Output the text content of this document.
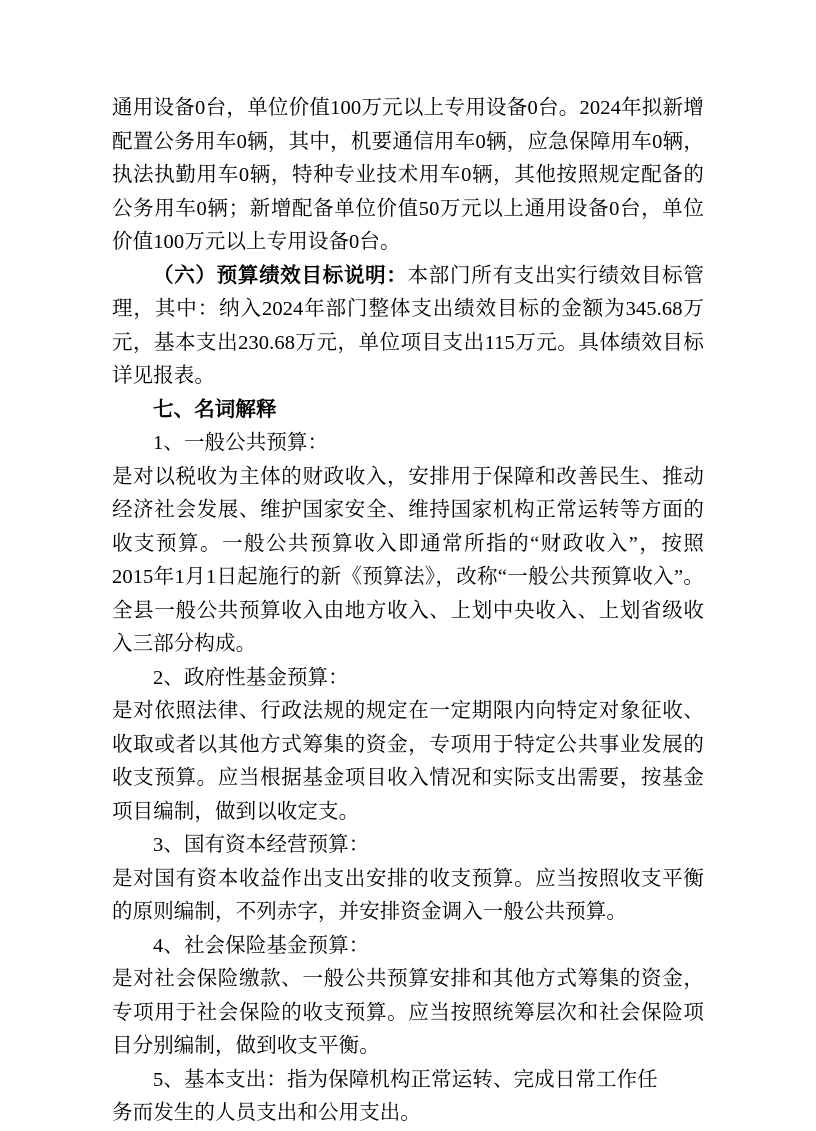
通用设备0台，单位价值100万元以上专用设备0台。2024年拟新增配置公务用车0辆，其中，机要通信用车0辆，应急保障用车0辆，执法执勤用车0辆，特种专业技术用车0辆，其他按照规定配备的公务用车0辆；新增配备单位价值50万元以上通用设备0台，单位价值100万元以上专用设备0台。

（六）预算绩效目标说明：本部门所有支出实行绩效目标管理，其中：纳入2024年部门整体支出绩效目标的金额为345.68万元，基本支出230.68万元，单位项目支出115万元。具体绩效目标详见报表。

七、名词解释

1、一般公共预算：

是对以税收为主体的财政收入，安排用于保障和改善民生、推动经济社会发展、维护国家安全、维持国家机构正常运转等方面的收支预算。一般公共预算收入即通常所指的“财政收入”，按照2015年1月1日起施行的新《预算法》，改称“一般公共预算收入”。全县一般公共预算收入由地方收入、上划中央收入、上划省级收入三部分构成。

2、政府性基金预算：

是对依照法律、行政法规的规定在一定期限内向特定对象征收、收取或者以其他方式筹集的资金，专项用于特定公共事业发展的收支预算。应当根据基金项目收入情况和实际支出需要，按基金项目编制，做到以收定支。

3、国有资本经营预算：

是对国有资本收益作出支出安排的收支预算。应当按照收支平衡的原则编制，不列赤字，并安排资金调入一般公共预算。

4、社会保险基金预算：

是对社会保险缴款、一般公共预算安排和其他方式筹集的资金，专项用于社会保险的收支预算。应当按照统筹层次和社会保险项目分别编制，做到收支平衡。

5、基本支出：指为保障机构正常运转、完成日常工作任

务而发生的人员支出和公用支出。
